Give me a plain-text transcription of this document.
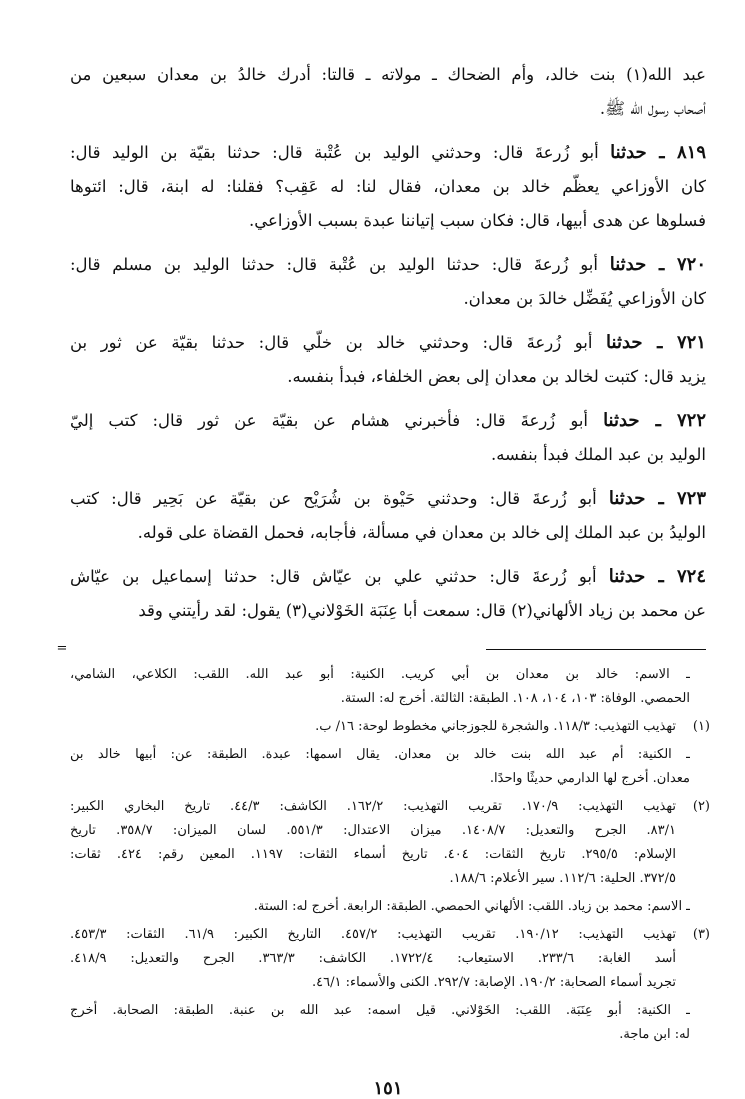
عبد الله(١) بنت خالد، وأم الضحاك ـ مولاته ـ قالتا: أدرك خالدُ بن معدان سبعين من
أصحاب رسول الله ﷺ.
٨١٩ ـ حدثنا أبو زُرعةَ قال: وحدثني الوليد بن عُتْبة قال: حدثنا بقيّة بن الوليد قال:
كان الأوزاعي يعظّم خالد بن معدان، فقال لنا: له عَقِب؟ فقلنا: له ابنة، قال: ائتوها
فسلوها عن هدى أبيها، قال: فكان سبب إتياننا عبدة بسبب الأوزاعي.
٧٢٠ ـ حدثنا أبو زُرعةَ قال: حدثنا الوليد بن عُتْبة قال: حدثنا الوليد بن مسلم قال:
كان الأوزاعي يُفَضِّل خالدَ بن معدان.
٧٢١ ـ حدثنا أبو زُرعةَ قال: وحدثني خالد بن خلّي قال: حدثنا بقيّة عن ثور بن
يزيد قال: كتبت لخالد بن معدان إلى بعض الخلفاء، فبدأ بنفسه.
٧٢٢ ـ حدثنا أبو زُرعةَ قال: فأخبرني هشام عن بقيّة عن ثور قال: كتب إليّ
الوليد بن عبد الملك فبدأ بنفسه.
٧٢٣ ـ حدثنا أبو زُرعةَ قال: وحدثني حَيْوة بن شُرَيْح عن بقيّة عن بَحِير قال: كتب
الوليدُ بن عبد الملك إلى خالد بن معدان في مسألة، فأجابه، فحمل القضاة على قوله.
٧٢٤ ـ حدثنا أبو زُرعةَ قال: حدثني علي بن عيّاش قال: حدثنا إسماعيل بن عيّاش
عن محمد بن زياد الألهاني(٢) قال: سمعت أبا عِنَبَة الخَوْلاني(٣) يقول: لقد رأيتني وقد
=
ـ الاسم: خالد بن معدان بن أبي كريب. الكنية: أبو عبد الله. اللقب: الكلاعي، الشامي،
الحمصي. الوفاة: ١٠٣، ١٠٤، ١٠٨. الطبقة: الثالثة. أخرج له: الستة.
(١)
تهذيب التهذيب: ١١٨/٣. والشجرة للجوزجاني مخطوط لوحة: ١٦/ ب.
ـ الكنية: أم عبد الله بنت خالد بن معدان. يقال اسمها: عبدة. الطبقة: عن: أبيها خالد بن
معدان. أخرج لها الدارمي حديثًا واحدًا.
(٢)
تهذيب التهذيب: ١٧٠/٩. تقريب التهذيب: ١٦٢/٢. الكاشف: ٤٤/٣. تاريخ البخاري الكبير:
٨٣/١. الجرح والتعديل: ١٤٠٨/٧. ميزان الاعتدال: ٥٥١/٣. لسان الميزان: ٣٥٨/٧. تاريخ
الإسلام: ٢٩٥/٥. تاريخ الثقات: ٤٠٤. تاريخ أسماء الثقات: ١١٩٧. المعين رقم: ٤٢٤. ثقات:
٣٧٢/٥. الحلية: ١١٢/٦. سير الأعلام: ١٨٨/٦.
ـ الاسم: محمد بن زياد. اللقب: الألهاني الحمصي. الطبقة: الرابعة. أخرج له: الستة.
(٣)
تهذيب التهذيب: ١٩٠/١٢. تقريب التهذيب: ٤٥٧/٢. التاريخ الكبير: ٦١/٩. الثقات: ٤٥٣/٣.
أسد الغابة: ٢٣٣/٦. الاستيعاب: ١٧٢٢/٤. الكاشف: ٣٦٣/٣. الجرح والتعديل: ٤١٨/٩.
تجريد أسماء الصحابة: ١٩٠/٢. الإصابة: ٢٩٢/٧. الكنى والأسماء: ٤٦/١.
ـ الكنية: أبو عِنَبَة. اللقب: الخَوْلاني. قيل اسمه: عبد الله بن عنبة. الطبقة: الصحابة. أخرج
له: ابن ماجة.
١٥١
